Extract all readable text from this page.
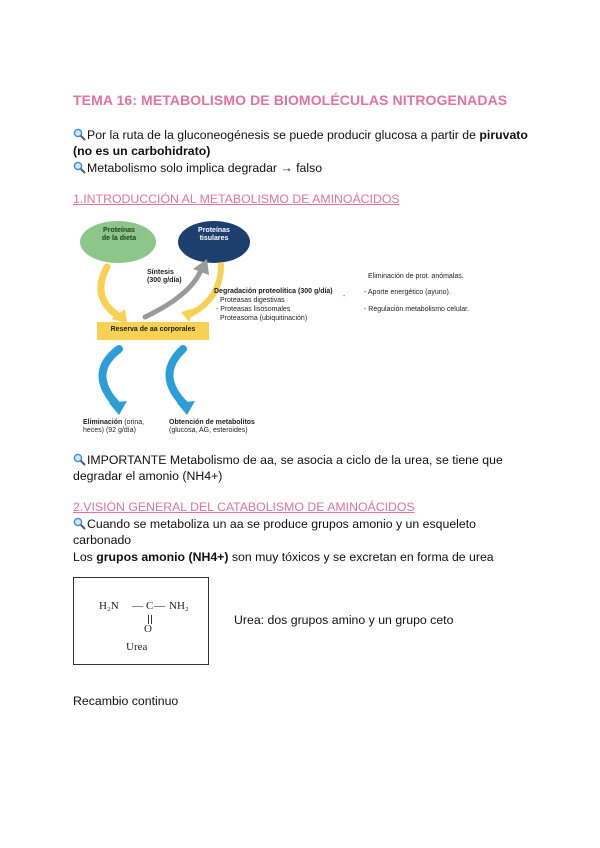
TEMA 16: METABOLISMO DE BIOMOLÉCULAS NITROGENADAS
Por la ruta de la gluconeogénesis se puede producir glucosa a partir de piruvato
(no es un carbohidrato)
Metabolismo solo implica degradar → falso
1.INTRODUCCIÓN AL METABOLISMO DE AMINOÁCIDOS
-
Proteínas
de la dieta
Proteínas
tisulares
Síntesis
(300 g/día)
Degradación proteolítica (300 g/día)
Proteasas digestivas
- Proteasas lisosomales
Proteasoma (ubiquitinación)
Eliminación de prot. anómalas.
- Aporte energético (ayuno).
- Regulación metabolismo celular.
Reserva de aa corporales
Eliminación (orina,
heces) (92 g/día)
Obtención de metabolitos
(glucosa, AG, esteroides)
IMPORTANTE Metabolismo de aa, se asocia a ciclo de la urea, se tiene que
degradar el amonio (NH4+)
2.VISIÓN GENERAL DEL CATABOLISMO DE AMINOÁCIDOS
Cuando se metaboliza un aa se produce grupos amonio y un esqueleto
carbonado
Los grupos amonio (NH4+) son muy tóxicos y se excretan en forma de urea
H₂N — C — NH₂
O
Urea
Urea: dos grupos amino y un grupo ceto
Recambio continuo
